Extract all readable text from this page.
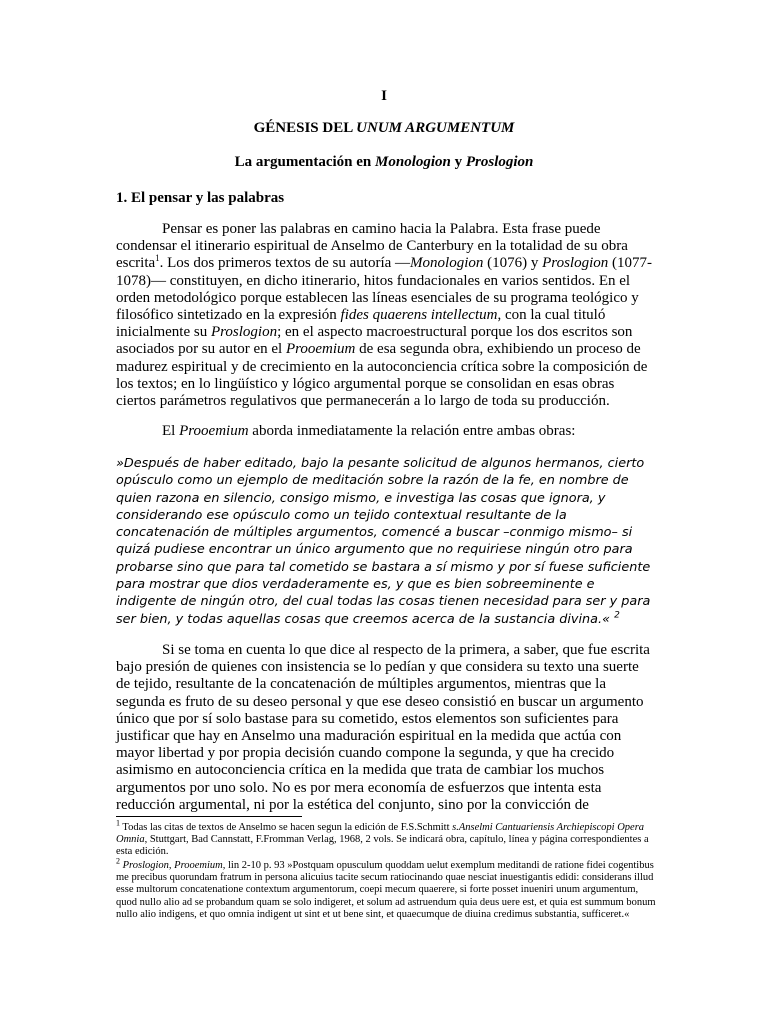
I

GÉNESIS DEL UNUM ARGUMENTUM

La argumentación en Monologion y Proslogion

1. El pensar y las palabras

Pensar es poner las palabras en camino hacia la Palabra. Esta frase puede condensar el itinerario espiritual de Anselmo de Canterbury en la totalidad de su obra escrita$^1$. Los dos primeros textos de su autoría —Monologion (1076) y Proslogion (1077-1078)— constituyen, en dicho itinerario, hitos fundacionales en varios sentidos. En el orden metodológico porque establecen las líneas esenciales de su programa teológico y filosófico sintetizado en la expresión fides quaerens intellectum, con la cual tituló inicialmente su Proslogion; en el aspecto macroestructural porque los dos escritos son asociados por su autor en el Prooemium de esa segunda obra, exhibiendo un proceso de madurez espiritual y de crecimiento en la autoconciencia crítica sobre la composición de los textos; en lo lingüístico y lógico argumental porque se consolidan en esas obras ciertos parámetros regulativos que permanecerán a lo largo de toda su producción.

El Prooemium aborda inmediatamente la relación entre ambas obras:

»Después de haber editado, bajo la pesante solicitud de algunos hermanos, cierto opúsculo como un ejemplo de meditación sobre la razón de la fe, en nombre de quien razona en silencio, consigo mismo, e investiga las cosas que ignora, y considerando ese opúsculo como un tejido contextual resultante de la concatenación de múltiples argumentos, comencé a buscar –conmigo mismo– si quizá pudiese encontrar un único argumento que no requiriese ningún otro para probarse sino que para tal cometido se bastara a sí mismo y por sí fuese suficiente para mostrar que dios verdaderamente es, y que es bien sobreeminente e indigente de ningún otro, del cual todas las cosas tienen necesidad para ser y para ser bien, y todas aquellas cosas que creemos acerca de la sustancia divina.« $^2$

Si se toma en cuenta lo que dice al respecto de la primera, a saber, que fue escrita bajo presión de quienes con insistencia se lo pedían y que considera su texto una suerte de tejido, resultante de la concatenación de múltiples argumentos, mientras que la segunda es fruto de su deseo personal y que ese deseo consistió en buscar un argumento único que por sí solo bastase para su cometido, estos elementos son suficientes para justificar que hay en Anselmo una maduración espiritual en la medida que actúa con mayor libertad y por propia decisión cuando compone la segunda, y que ha crecido asimismo en autoconciencia crítica en la medida que trata de cambiar los muchos argumentos por uno solo. No es por mera economía de esfuerzos que intenta esta reducción argumental, ni por la estética del conjunto, sino por la convicción de

$^1$ Todas las citas de textos de Anselmo se hacen segun la edición de F.S.Schmitt s.Anselmi Cantuariensis Archiepiscopi Opera Omnia, Stuttgart, Bad Cannstatt, F.Fromman Verlag, 1968, 2 vols. Se indicará obra, capítulo, línea y página correspondientes a esta edición.

$^2$ Proslogion, Prooemium, lin 2-10 p. 93 »Postquam opusculum quoddam uelut exemplum meditandi de ratione fidei cogentibus me precibus quorundam fratrum in persona alicuius tacite secum ratiocinando quae nesciat inuestigantis edidi: considerans illud esse multorum concatenatione contextum argumentorum, coepi mecum quaerere, si forte posset inueniri unum argumentum, quod nullo alio ad se probandum quam se solo indigeret, et solum ad astruendum quia deus uere est, et quia est summum bonum nullo alio indigens, et quo omnia indigent ut sint et ut bene sint, et quaecumque de diuina credimus substantia, sufficeret.«
